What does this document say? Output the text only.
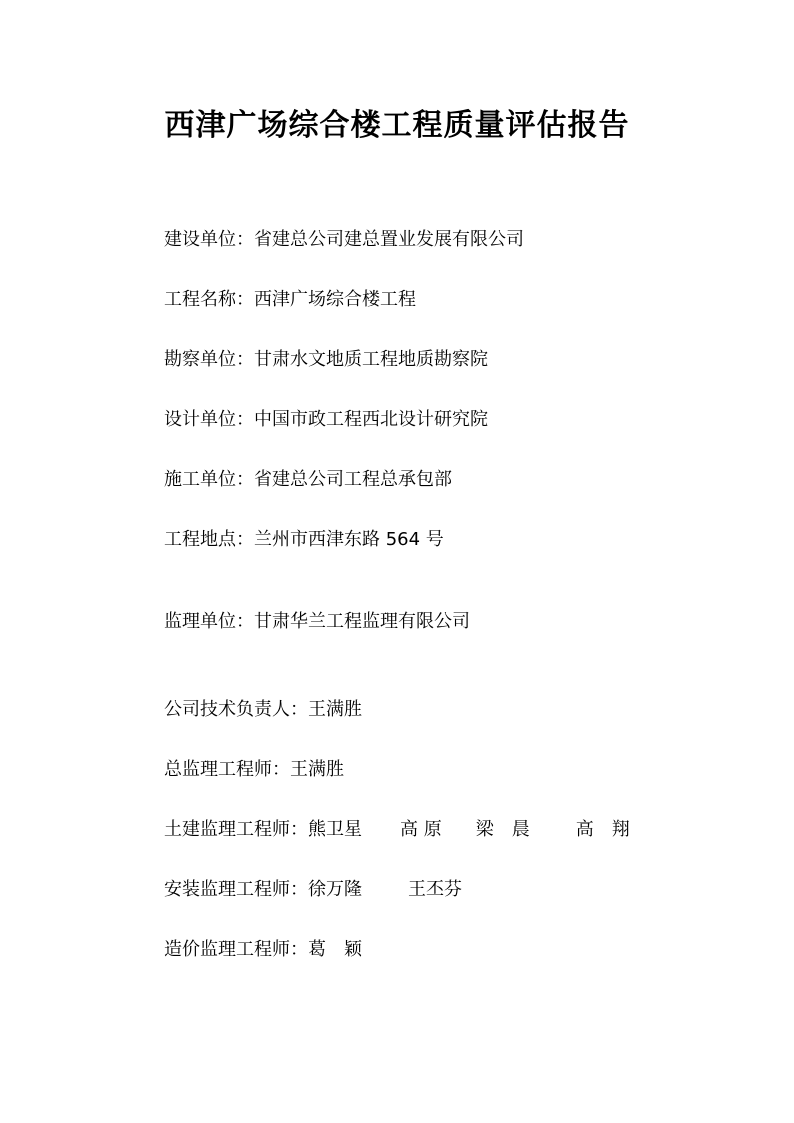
西津广场综合楼工程质量评估报告
建设单位：省建总公司建总置业发展有限公司
工程名称：西津广场综合楼工程
勘察单位：甘肃水文地质工程地质勘察院
设计单位：中国市政工程西北设计研究院
施工单位：省建总公司工程总承包部
工程地点：兰州市西津东路 564 号
监理单位：甘肃华兰工程监理有限公司
公司技术负责人：王满胜
总监理工程师：王满胜
土建监理工程师：熊卫星 高 原 梁　晨	高　翔
安装监理工程师：徐万隆	王丕芬
造价监理工程师：葛　颖
